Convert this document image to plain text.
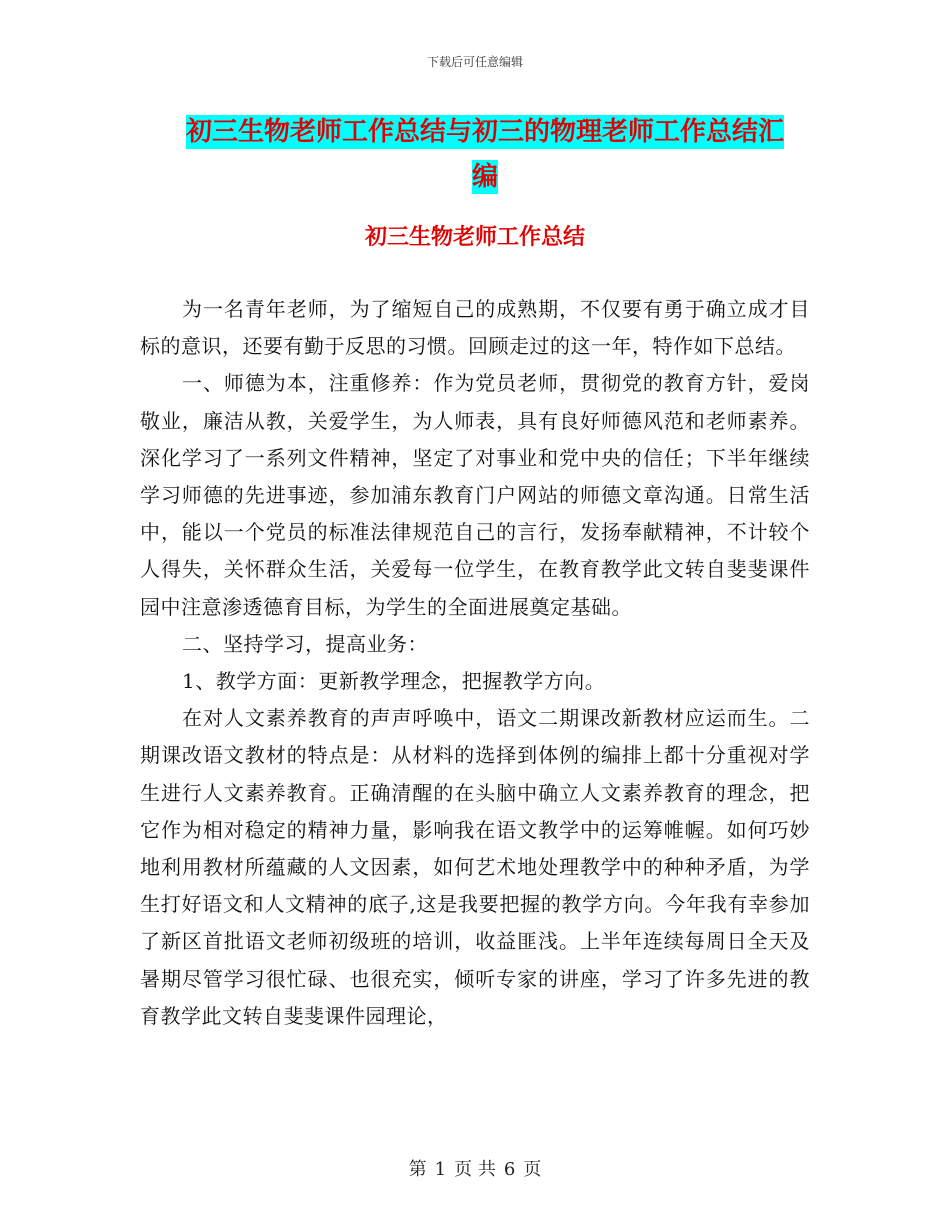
下载后可任意编辑
初三生物老师工作总结与初三的物理老师工作总结汇
编
初三生物老师工作总结

为一名青年老师，为了缩短自己的成熟期，不仅要有勇于确立成才目标的意识，还要有勤于反思的习惯。回顾走过的这一年，特作如下总结。

一、师德为本，注重修养：作为党员老师，贯彻党的教育方针，爱岗敬业，廉洁从教，关爱学生，为人师表，具有良好师德风范和老师素养。深化学习了一系列文件精神，坚定了对事业和党中央的信任；下半年继续学习师德的先进事迹，参加浦东教育门户网站的师德文章沟通。日常生活中，能以一个党员的标准法律规范自己的言行，发扬奉献精神，不计较个人得失，关怀群众生活，关爱每一位学生，在教育教学此文转自斐斐课件园中注意渗透德育目标，为学生的全面进展奠定基础。

二、坚持学习，提高业务：

1、教学方面：更新教学理念，把握教学方向。

在对人文素养教育的声声呼唤中，语文二期课改新教材应运而生。二期课改语文教材的特点是：从材料的选择到体例的编排上都十分重视对学生进行人文素养教育。正确清醒的在头脑中确立人文素养教育的理念，把它作为相对稳定的精神力量，影响我在语文教学中的运筹帷幄。如何巧妙地利用教材所蕴藏的人文因素，如何艺术地处理教学中的种种矛盾，为学生打好语文和人文精神的底子,这是我要把握的教学方向。今年我有幸参加了新区首批语文老师初级班的培训，收益匪浅。上半年连续每周日全天及暑期尽管学习很忙碌、也很充实，倾听专家的讲座，学习了许多先进的教育教学此文转自斐斐课件园理论，

第 1 页 共 6 页
